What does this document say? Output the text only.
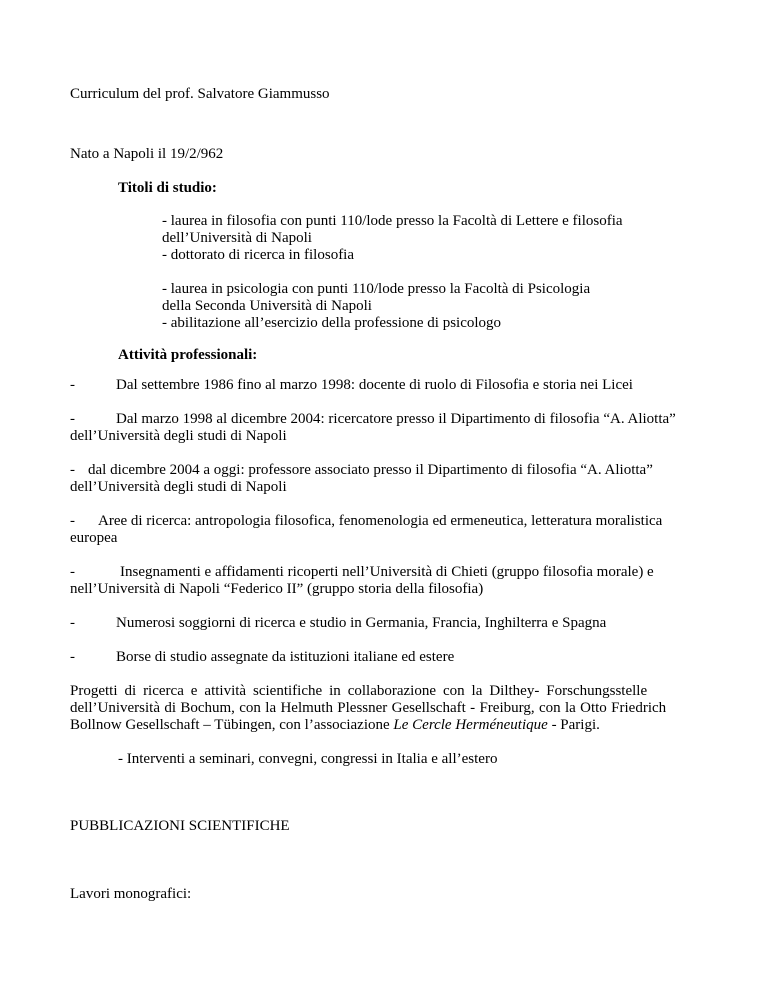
Curriculum del prof. Salvatore Giammusso
Nato a Napoli il 19/2/962
Titoli di studio:
- laurea in filosofia con punti 110/lode presso la Facoltà di Lettere e filosofia
dell’Università di Napoli
- dottorato di ricerca in filosofia
- laurea in psicologia con punti 110/lode presso la Facoltà di Psicologia
della Seconda Università di Napoli
- abilitazione all’esercizio della professione di psicologo
Attività professionali:
-	Dal settembre 1986 fino al marzo 1998: docente di ruolo di Filosofia e storia nei Licei
-	Dal marzo 1998 al dicembre 2004: ricercatore presso il Dipartimento di filosofia “A. Aliotta”
dell’Università degli studi di Napoli
- dal dicembre 2004 a oggi: professore associato presso il Dipartimento di filosofia “A. Aliotta”
dell’Università degli studi di Napoli
- Aree di ricerca: antropologia filosofica, fenomenologia ed ermeneutica, letteratura moralistica
europea
-	Insegnamenti e affidamenti ricoperti nell’Università di Chieti (gruppo filosofia morale) e
nell’Università di Napoli “Federico II” (gruppo storia della filosofia)
-	Numerosi soggiorni di ricerca e studio in Germania, Francia, Inghilterra e Spagna
-	Borse di studio assegnate da istituzioni italiane ed estere
Progetti di ricerca e attività scientifiche in collaborazione con la Dilthey- Forschungsstelle
dell’Università di Bochum, con la Helmuth Plessner Gesellschaft - Freiburg, con la Otto Friedrich
Bollnow Gesellschaft – Tübingen, con l’associazione Le Cercle Herméneutique - Parigi.
- Interventi a seminari, convegni, congressi in Italia e all’estero
PUBBLICAZIONI SCIENTIFICHE
Lavori monografici:
